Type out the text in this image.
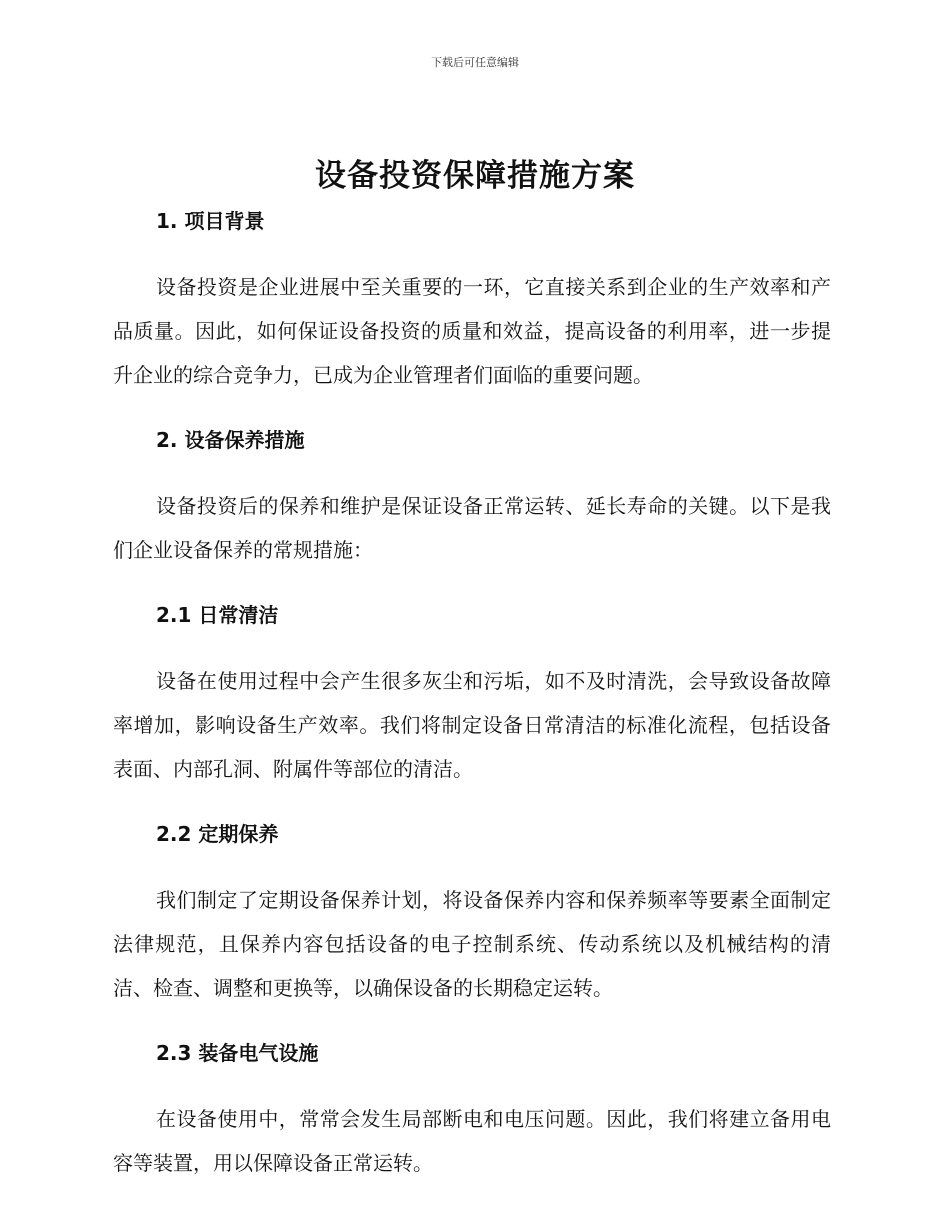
下载后可任意编辑
设备投资保障措施方案
1. 项目背景

设备投资是企业进展中至关重要的一环，它直接关系到企业的生产效率和产品质量。因此，如何保证设备投资的质量和效益，提高设备的利用率，进一步提升企业的综合竞争力，已成为企业管理者们面临的重要问题。

2. 设备保养措施

设备投资后的保养和维护是保证设备正常运转、延长寿命的关键。以下是我们企业设备保养的常规措施：

2.1 日常清洁

设备在使用过程中会产生很多灰尘和污垢，如不及时清洗，会导致设备故障率增加，影响设备生产效率。我们将制定设备日常清洁的标准化流程，包括设备表面、内部孔洞、附属件等部位的清洁。

2.2 定期保养

我们制定了定期设备保养计划，将设备保养内容和保养频率等要素全面制定法律规范，且保养内容包括设备的电子控制系统、传动系统以及机械结构的清洁、检查、调整和更换等，以确保设备的长期稳定运转。

2.3 装备电气设施

在设备使用中，常常会发生局部断电和电压问题。因此，我们将建立备用电容等装置，用以保障设备正常运转。
